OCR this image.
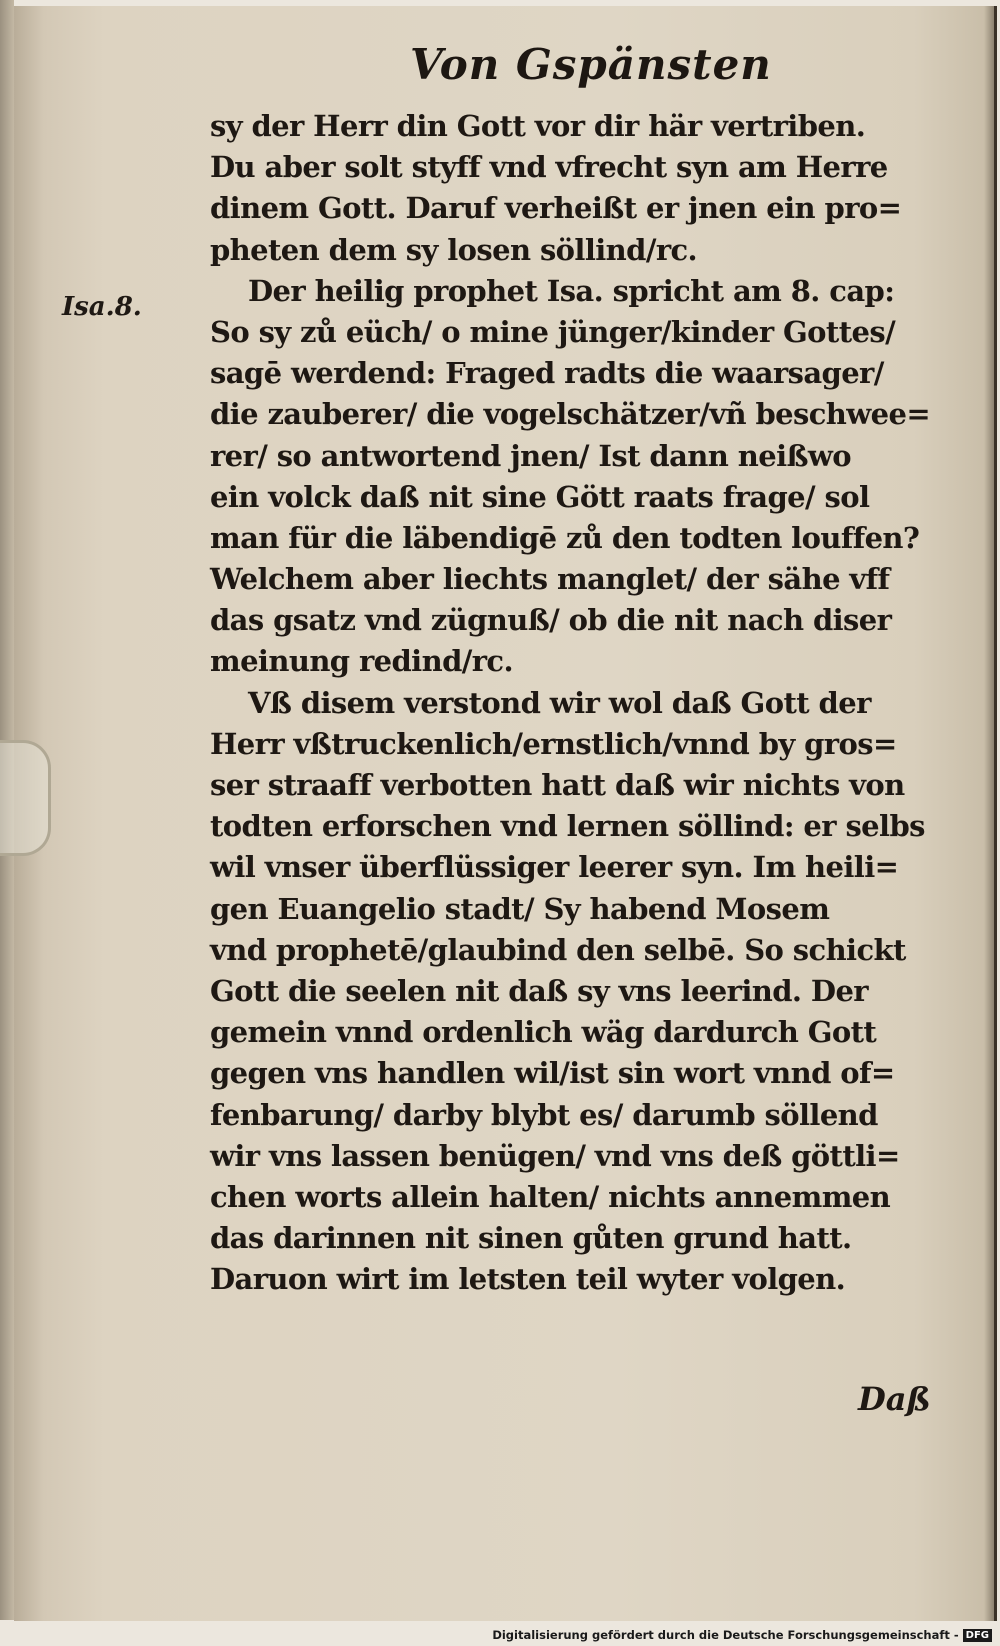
Von Gspänsten
Isa.8.
sy der Herr din Gott vor dir här vertriben.
Du aber solt styff vnd vfrecht syn am Herre
dinem Gott. Daruf verheißt er jnen ein pro=
pheten dem sy losen söllind/rc.
Der heilig prophet Isa. spricht am 8. cap:
So sy zů eüch/ o mine jünger/kinder Gottes/
sagē werdend: Fraged radts die waarsager/
die zauberer/ die vogelschätzer/vñ beschwee=
rer/ so antwortend jnen/ Ist dann neißwo
ein volck daß nit sine Gött raats frage/ sol
man für die läbendigē zů den todten louffen?
Welchem aber liechts manglet/ der sähe vff
das gsatz vnd zügnuß/ ob die nit nach diser
meinung redind/rc.
Vß disem verstond wir wol daß Gott der
Herr vßtruckenlich/ernstlich/vnnd by gros=
ser straaff verbotten hatt daß wir nichts von
todten erforschen vnd lernen söllind: er selbs
wil vnser überflüssiger leerer syn. Im heili=
gen Euangelio stadt/ Sy habend Mosem
vnd prophetē/glaubind den selbē. So schickt
Gott die seelen nit daß sy vns leerind. Der
gemein vnnd ordenlich wäg dardurch Gott
gegen vns handlen wil/ist sin wort vnnd of=
fenbarung/ darby blybt es/ darumb söllend
wir vns lassen benügen/ vnd vns deß göttli=
chen worts allein halten/ nichts annemmen
das darinnen nit sinen gůten grund hatt.
Daruon wirt im letsten teil wyter volgen.
Daß
Digitalisierung gefördert durch die Deutsche Forschungsgemeinschaft - DFG
